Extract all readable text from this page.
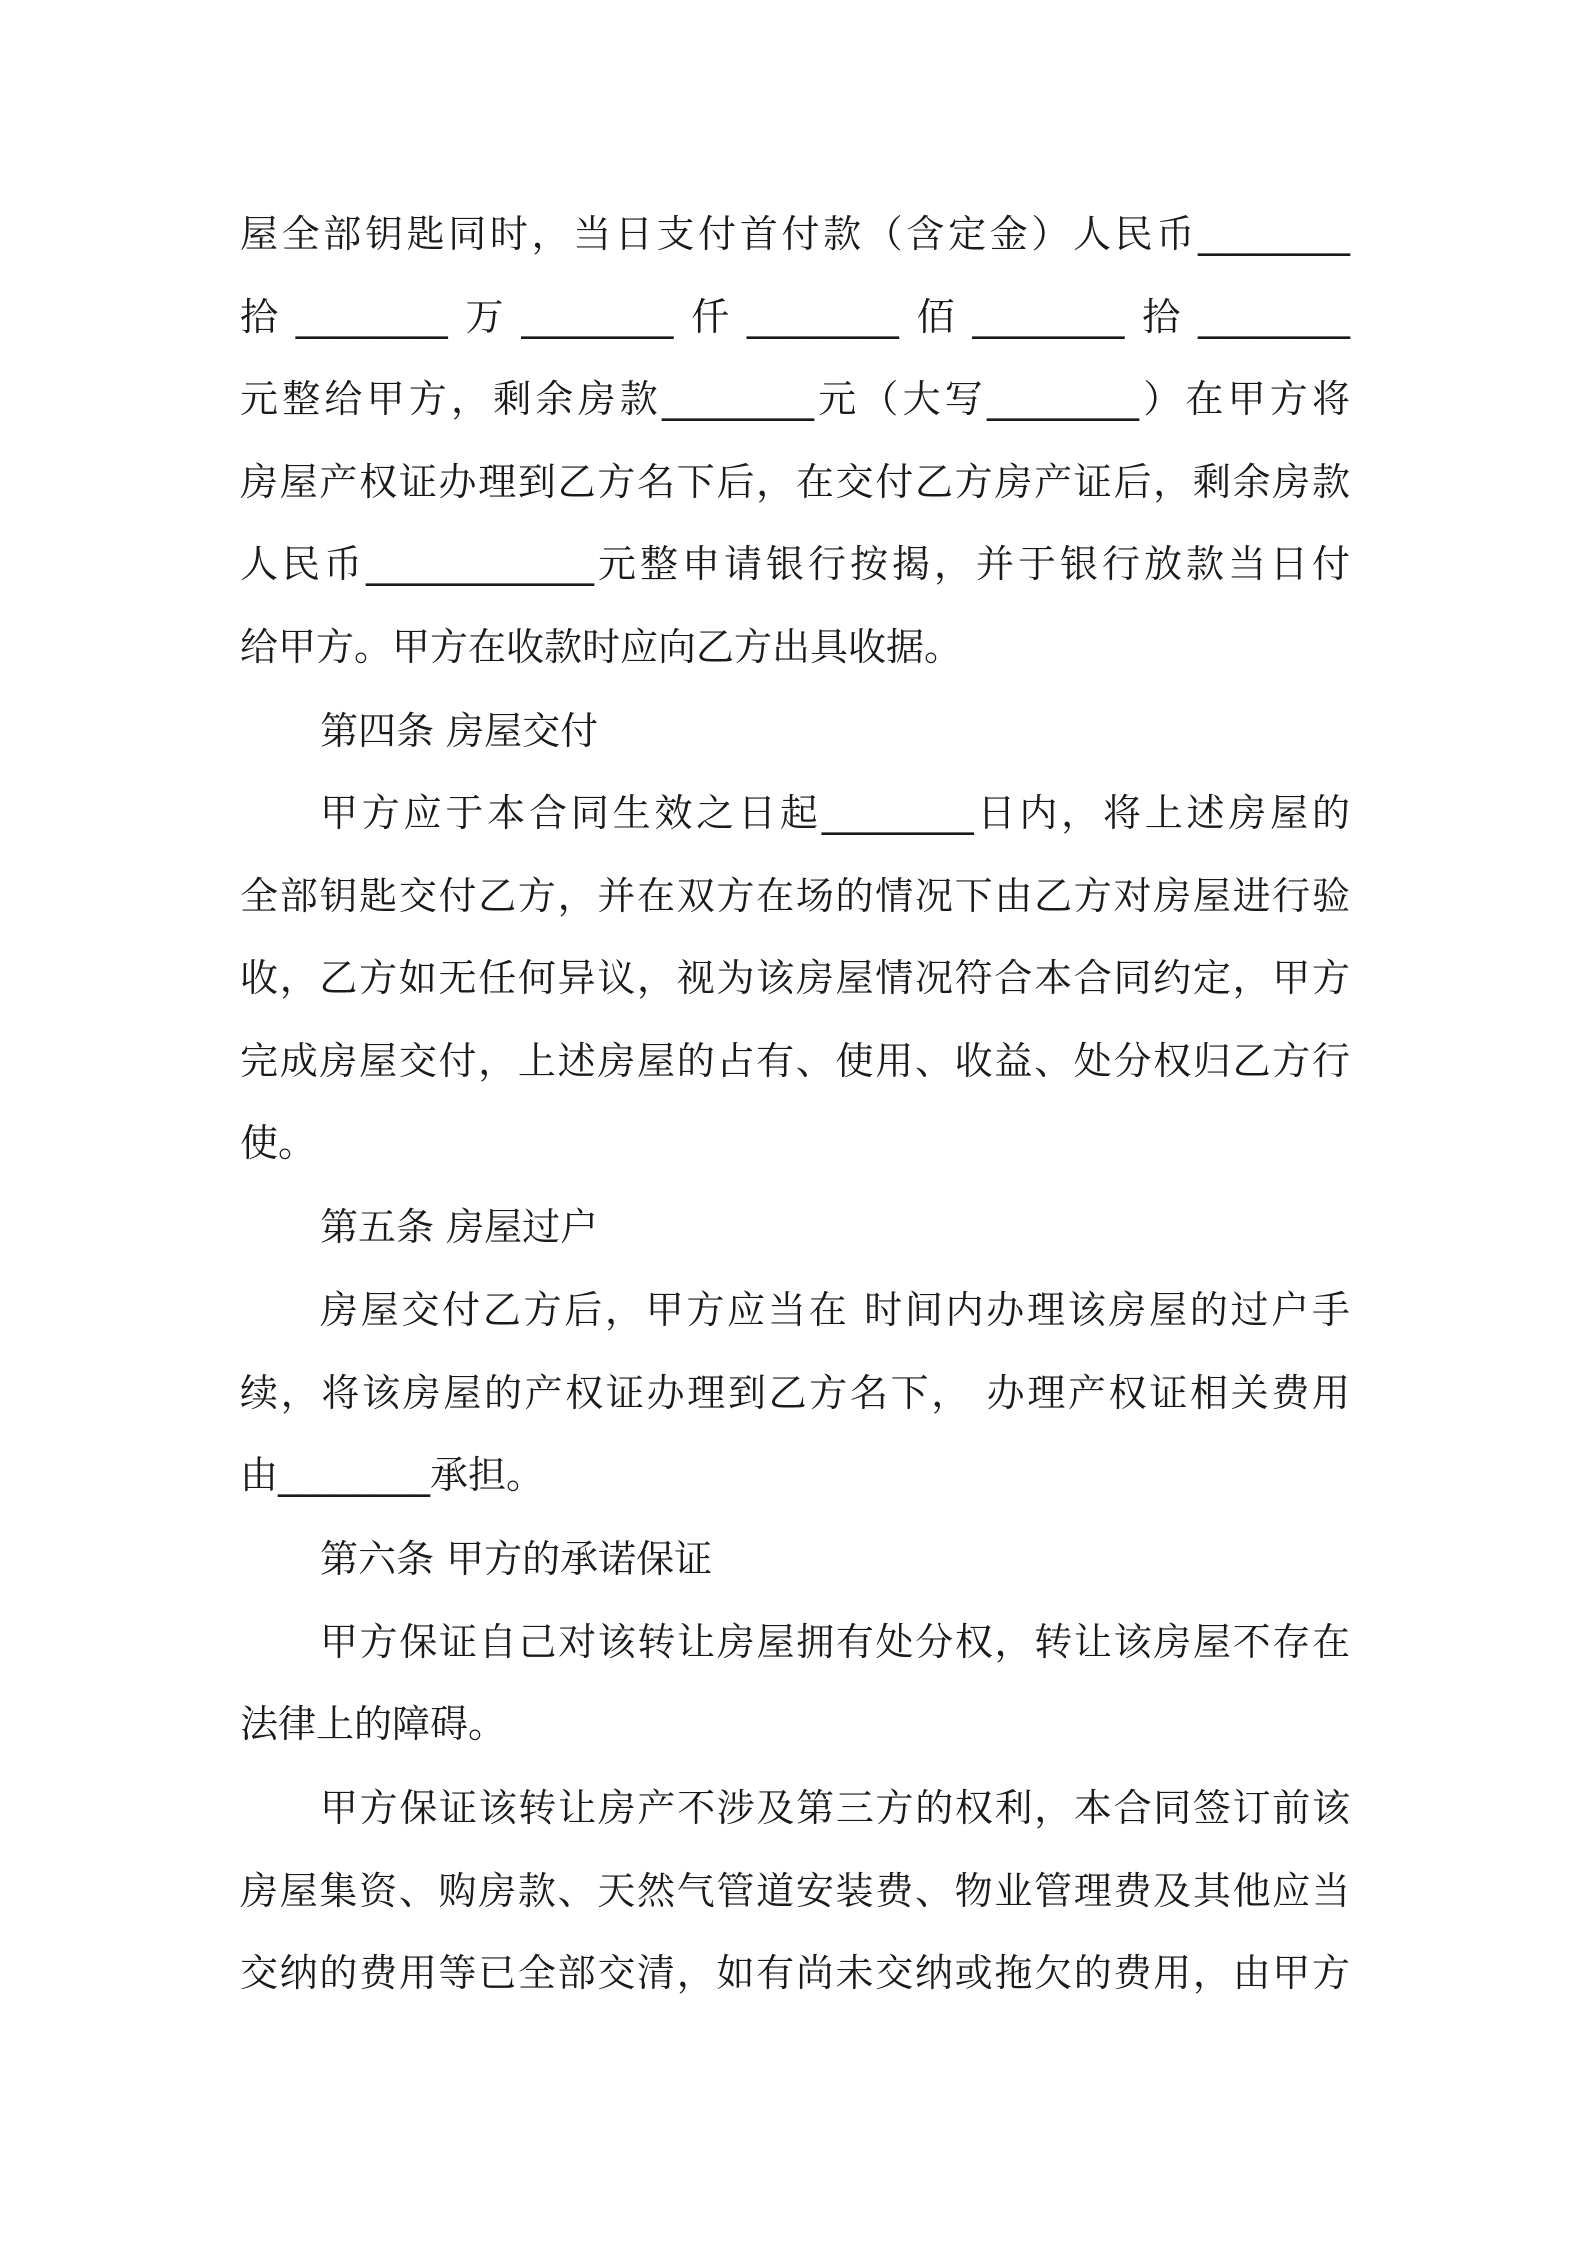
屋全部钥匙同时，当日支付首付款（含定金）人民币________
拾________万________仟________佰________拾________
元整给甲方，剩余房款________元（大写________）在甲方将
房屋产权证办理到乙方名下后，在交付乙方房产证后，剩余房款
人民币____________元整申请银行按揭，并于银行放款当日付
给甲方。甲方在收款时应向乙方出具收据。
第四条 房屋交付
甲方应于本合同生效之日起________日内，将上述房屋的
全部钥匙交付乙方，并在双方在场的情况下由乙方对房屋进行验
收，乙方如无任何异议，视为该房屋情况符合本合同约定，甲方
完成房屋交付，上述房屋的占有、使用、收益、处分权归乙方行
使。
第五条 房屋过户
房屋交付乙方后，甲方应当在 时间内办理该房屋的过户手
续，将该房屋的产权证办理到乙方名下， 办理产权证相关费用
由________承担。
第六条 甲方的承诺保证
甲方保证自己对该转让房屋拥有处分权，转让该房屋不存在
法律上的障碍。
甲方保证该转让房产不涉及第三方的权利，本合同签订前该
房屋集资、购房款、天然气管道安装费、物业管理费及其他应当
交纳的费用等已全部交清，如有尚未交纳或拖欠的费用，由甲方
